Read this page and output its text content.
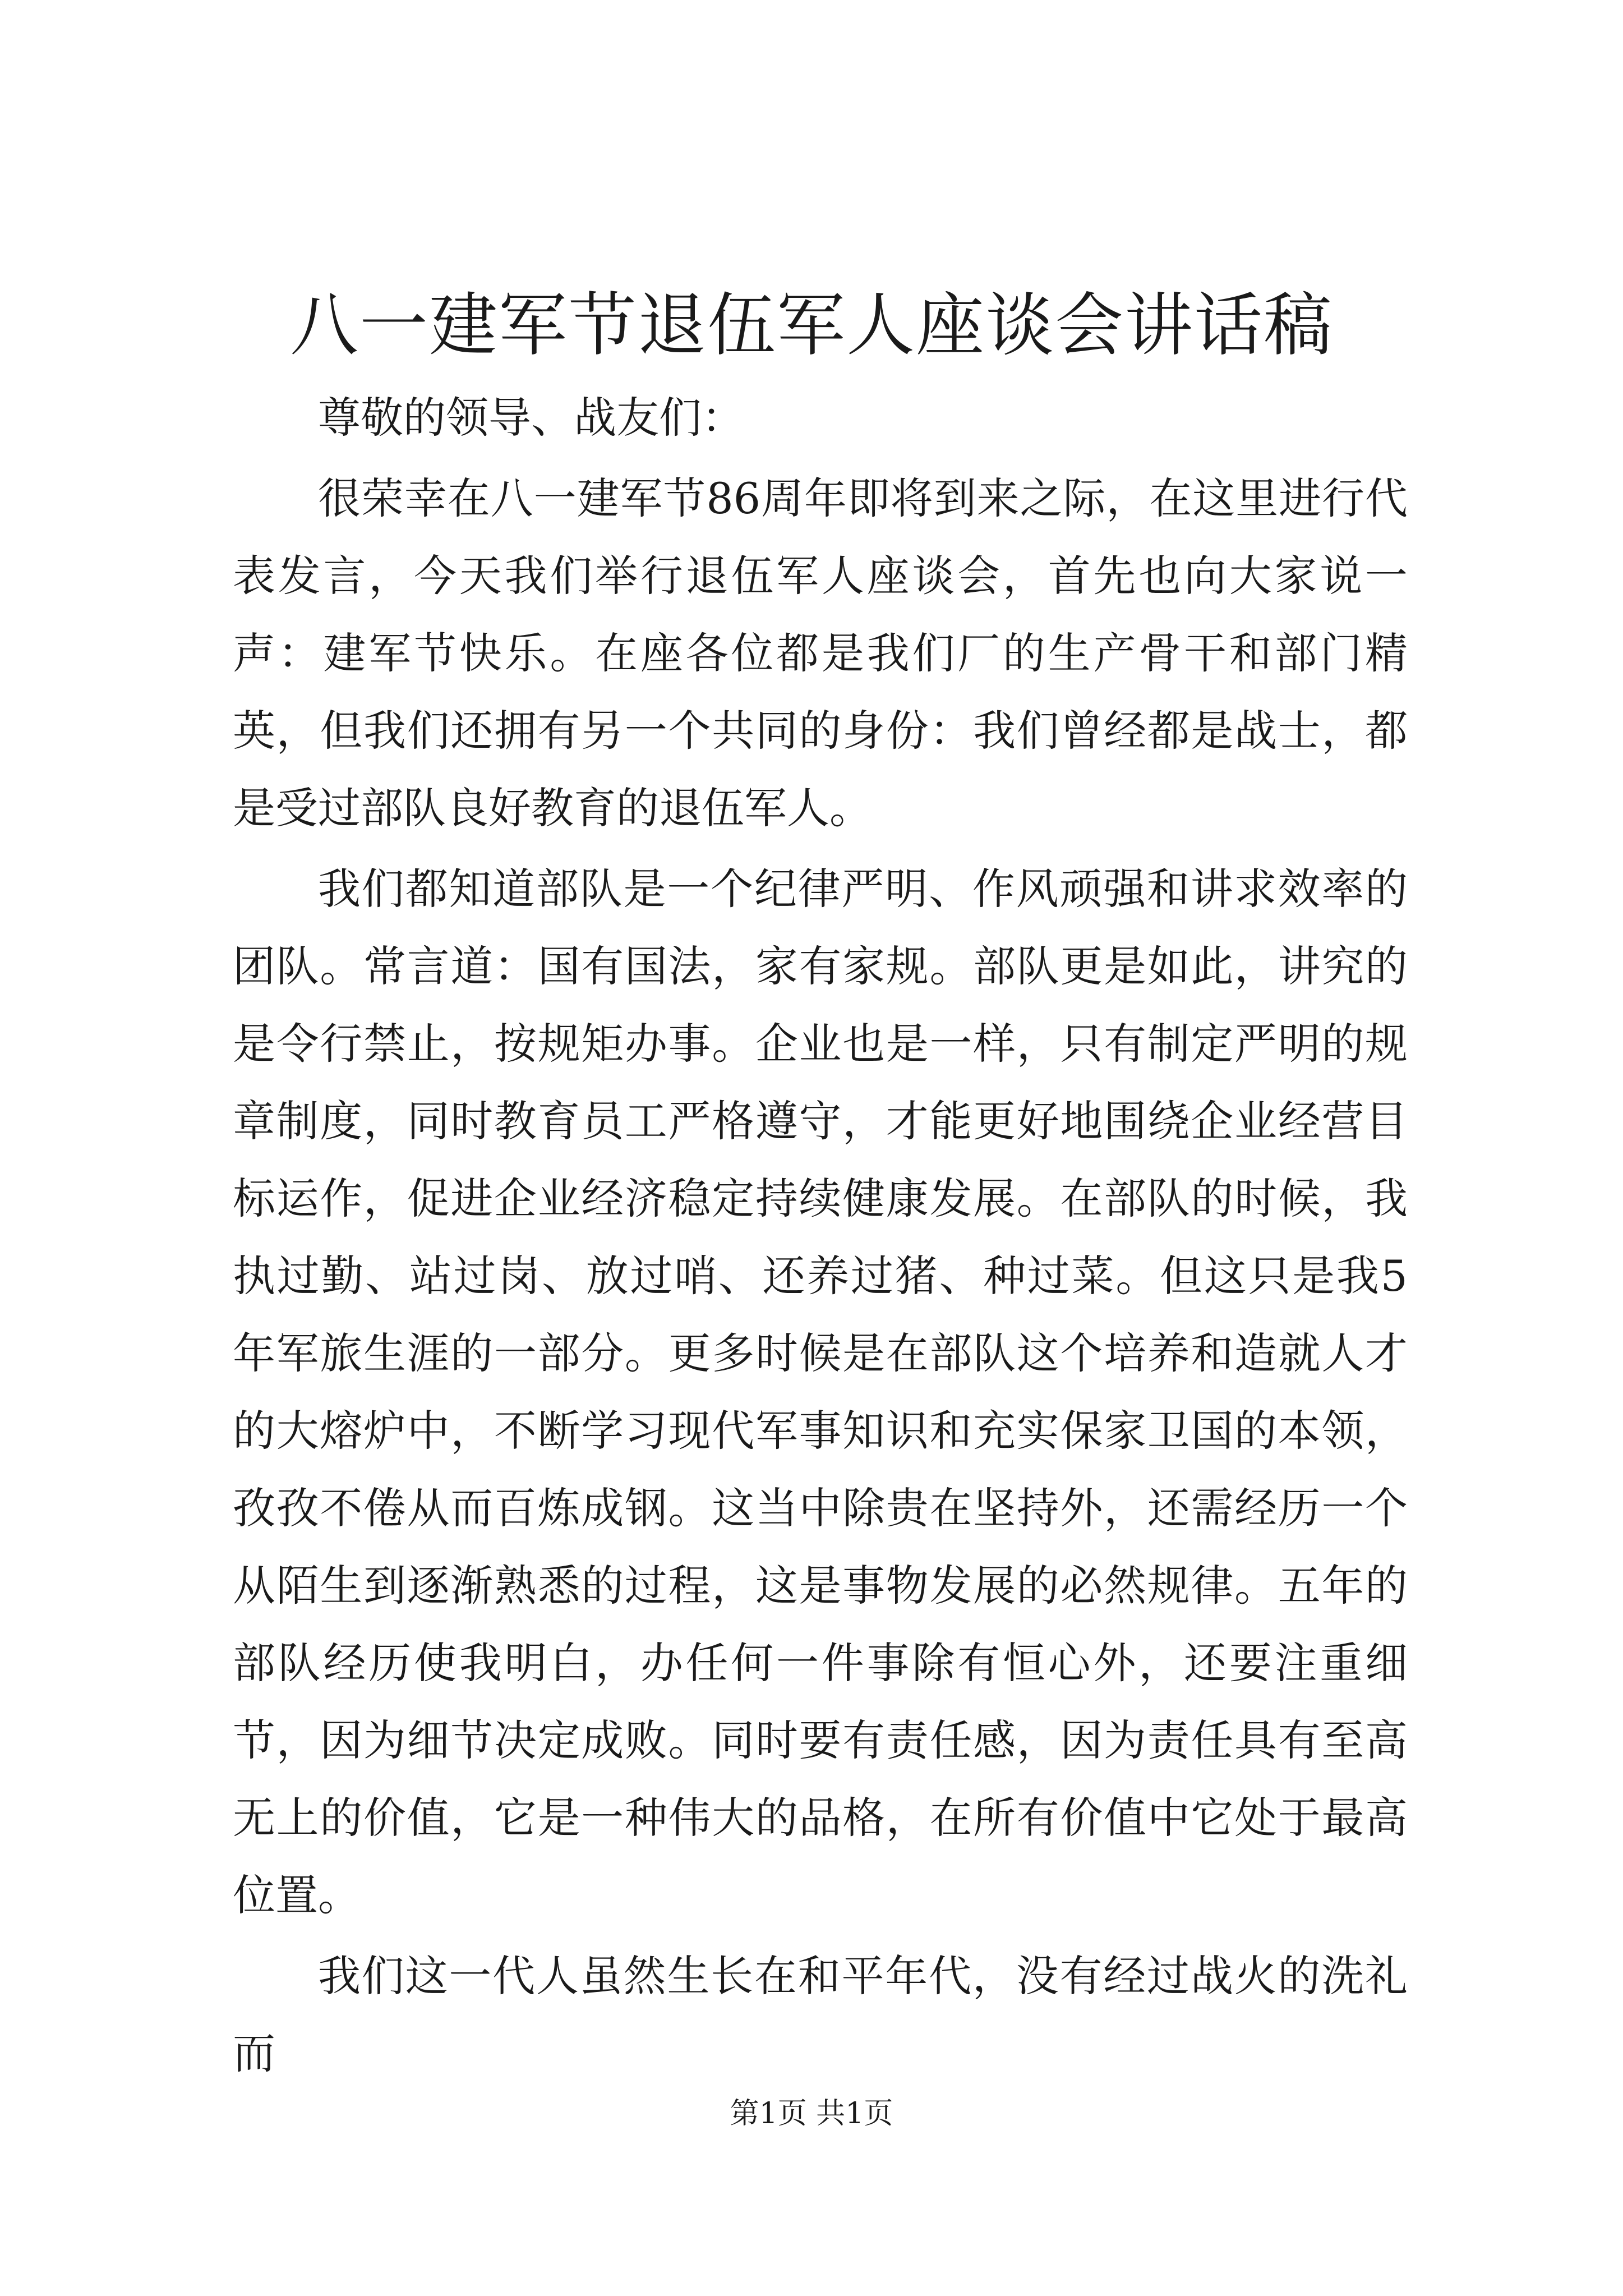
八一建军节退伍军人座谈会讲话稿

尊敬的领导、战友们：

很荣幸在八一建军节86周年即将到来之际，在这里进行代表发言，今天我们举行退伍军人座谈会，首先也向大家说一声：建军节快乐。在座各位都是我们厂的生产骨干和部门精英，但我们还拥有另一个共同的身份：我们曾经都是战士，都是受过部队良好教育的退伍军人。

我们都知道部队是一个纪律严明、作风顽强和讲求效率的团队。常言道：国有国法，家有家规。部队更是如此，讲究的是令行禁止，按规矩办事。企业也是一样，只有制定严明的规章制度，同时教育员工严格遵守，才能更好地围绕企业经营目标运作，促进企业经济稳定持续健康发展。在部队的时候，我执过勤、站过岗、放过哨、还养过猪、种过菜。但这只是我5年军旅生涯的一部分。更多时候是在部队这个培养和造就人才的大熔炉中，不断学习现代军事知识和充实保家卫国的本领，孜孜不倦从而百炼成钢。这当中除贵在坚持外，还需经历一个从陌生到逐渐熟悉的过程，这是事物发展的必然规律。五年的部队经历使我明白，办任何一件事除有恒心外，还要注重细节，因为细节决定成败。同时要有责任感，因为责任具有至高无上的价值，它是一种伟大的品格，在所有价值中它处于最高位置。

我们这一代人虽然生长在和平年代，没有经过战火的洗礼而

第1页 共1页
